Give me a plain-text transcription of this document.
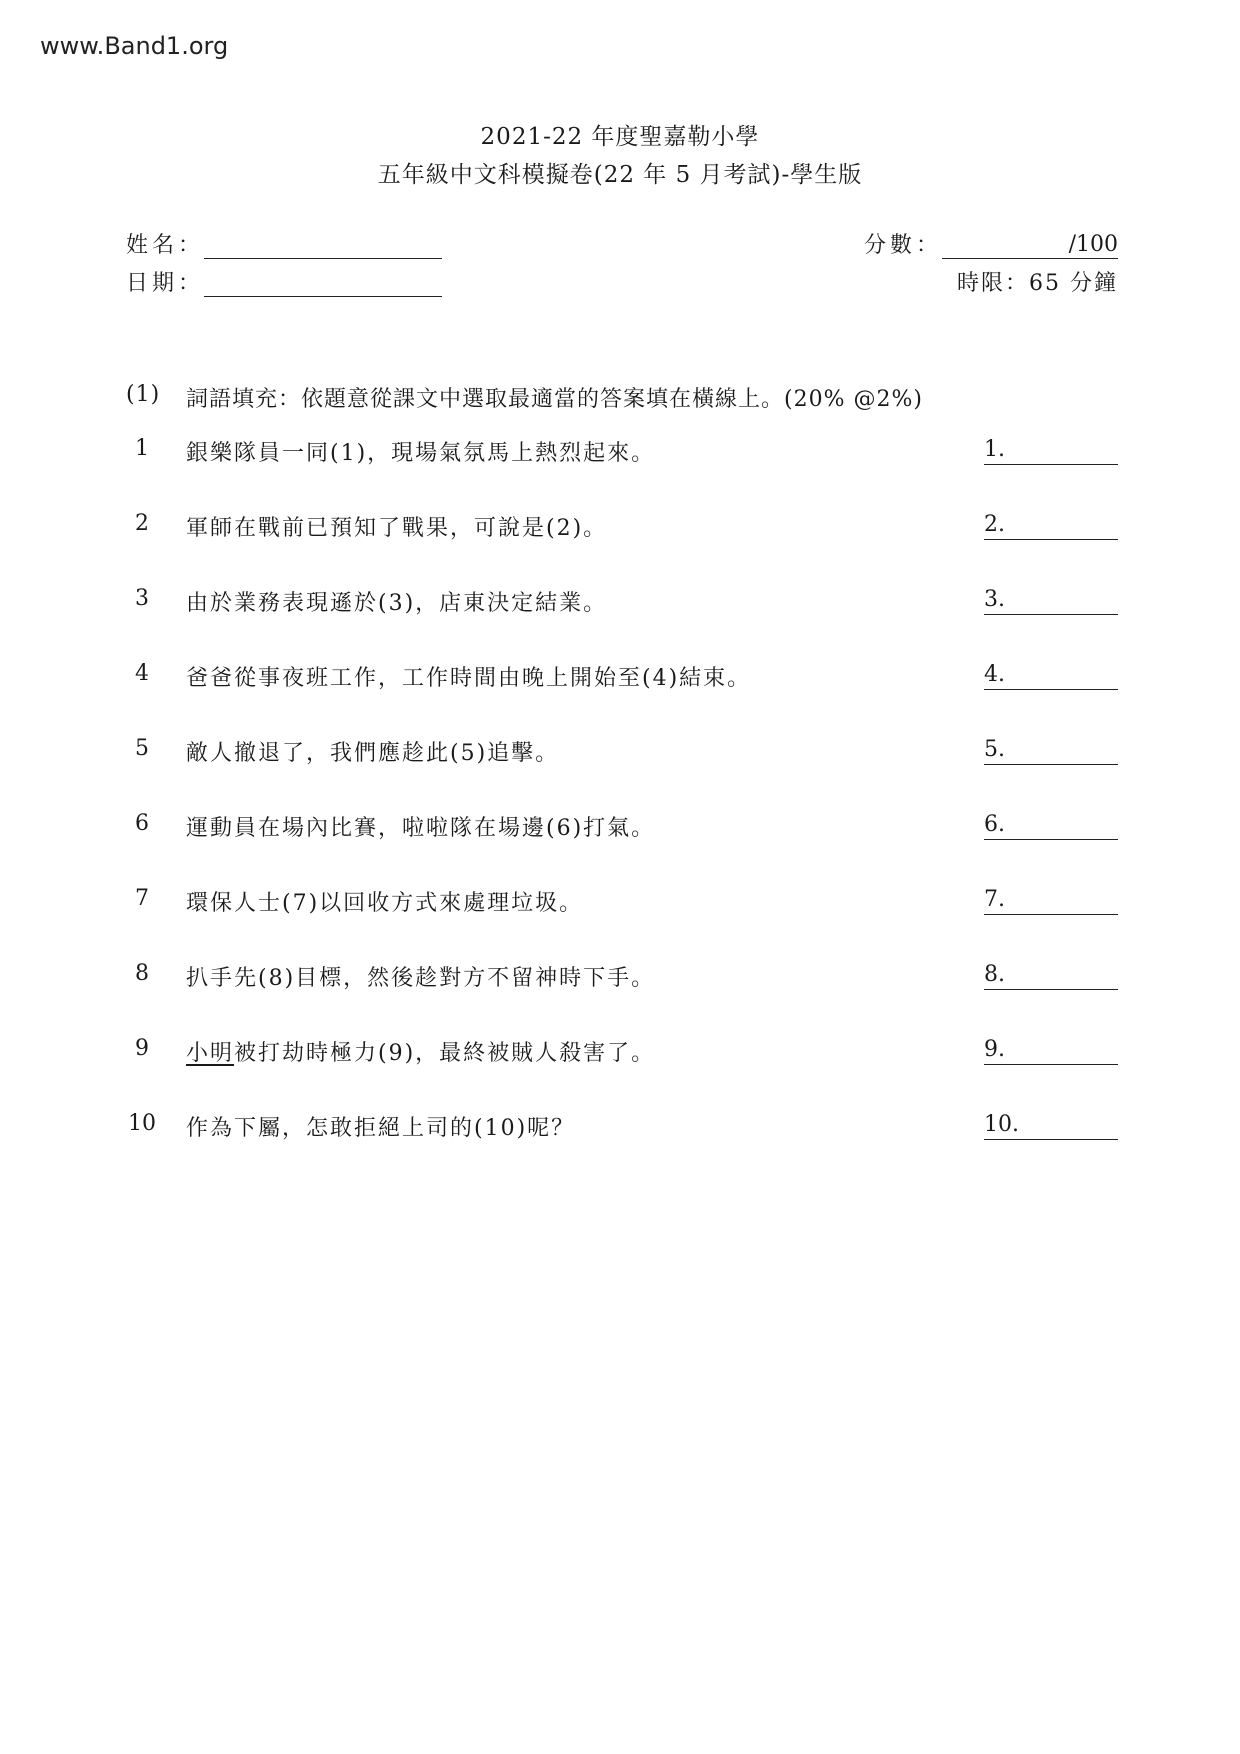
www.Band1.org
2021-22 年度聖嘉勒小學
五年級中文科模擬卷(22 年 5 月考試)-學生版
姓名：
日期：
分數：	/100
時限：65 分鐘
(1)	詞語填充：依題意從課文中選取最適當的答案填在橫線上。(20% @2%)
1	銀樂隊員一同(1)，現場氣氛馬上熱烈起來。	1.
2	軍師在戰前已預知了戰果，可說是(2)。	2.
3	由於業務表現遜於(3)，店東決定結業。	3.
4	爸爸從事夜班工作，工作時間由晚上開始至(4)結束。	4.
5	敵人撤退了，我們應趁此(5)追擊。	5.
6	運動員在場內比賽，啦啦隊在場邊(6)打氣。	6.
7	環保人士(7)以回收方式來處理垃圾。	7.
8	扒手先(8)目標，然後趁對方不留神時下手。	8.
9	小明被打劫時極力(9)，最終被賊人殺害了。	9.
10 作為下屬，怎敢拒絕上司的(10)呢？	10.
